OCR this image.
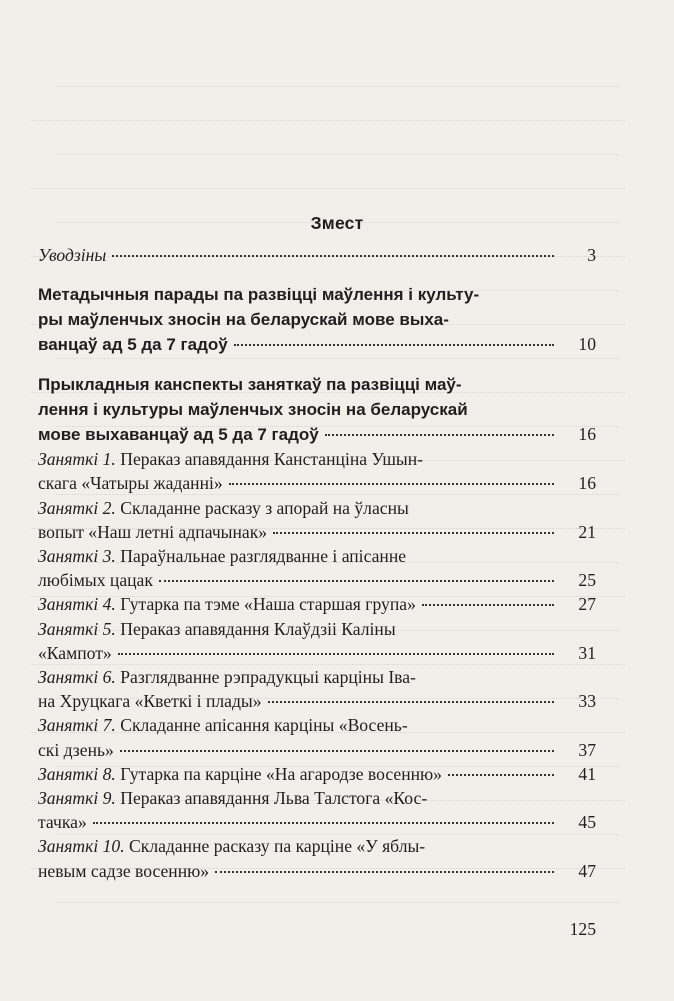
Змест
Уводзіны	3
Метадычныя парады па развіцці маўлення і культу-
ры маўленчых зносін на беларускай мове выха-
ванцаў ад 5 да 7 гадоў	10
Прыкладныя канспекты заняткаў па развіцці маў-
лення і культуры маўленчых зносін на беларускай
мове выхаванцаў ад 5 да 7 гадоў	16
Заняткі 1. Пераказ апавядання Канстанціна Ушын-
скага «Чатыры жаданні»	16
Заняткі 2. Складанне расказу з апорай на ўласны
вопыт «Наш летні адпачынак»	21
Заняткі 3. Параўнальнае разглядванне і апісанне
любімых цацак	25
Заняткі 4. Гутарка па тэме «Наша старшая група»	27
Заняткі 5. Пераказ апавядання Клаўдзіі Каліны
«Кампот»	31
Заняткі 6. Разглядванне рэпрадукцыі карціны Іва-
на Хруцкага «Кветкі і плады»	33
Заняткі 7. Складанне апісання карціны «Восень-
скі дзень»	37
Заняткі 8. Гутарка па карціне «На агародзе восенню»	41
Заняткі 9. Пераказ апавядання Льва Талстога «Кос-
тачка»	45
Заняткі 10. Складанне расказу па карціне «У яблы-
невым садзе восенню»	47
125
